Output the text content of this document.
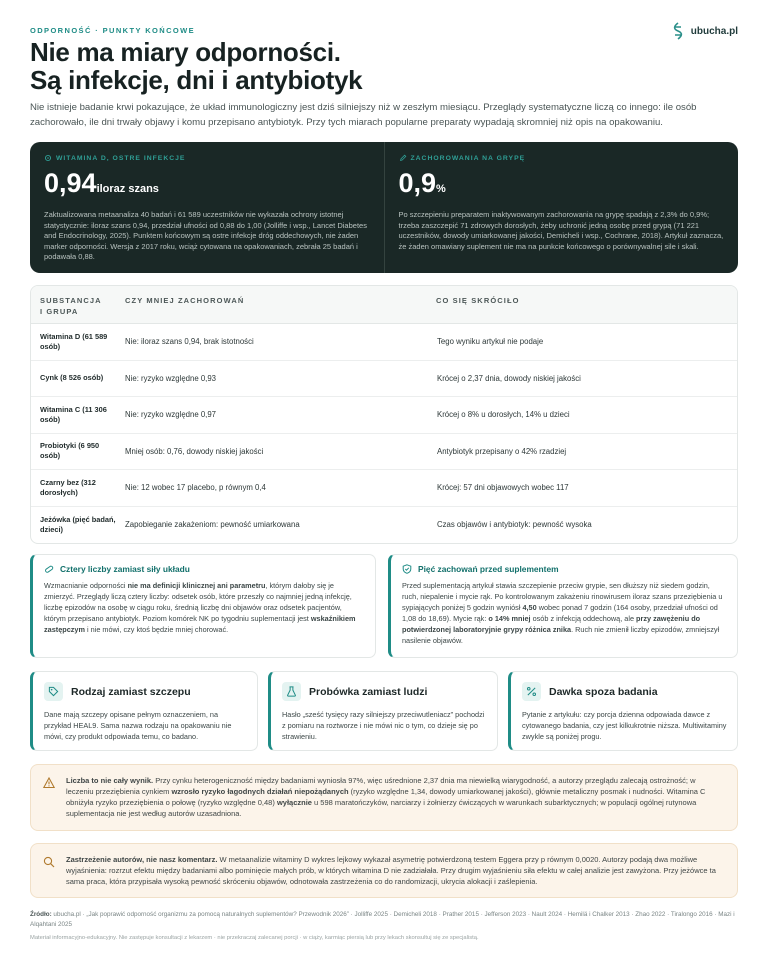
ODPORNOŚĆ · PUNKTY KOŃCOWE	ubucha.pl
Nie ma miary odporności.
Są infekcje, dni i antybiotyk

Nie istnieje badanie krwi pokazujące, że układ immunologiczny jest dziś silniejszy niż w zeszłym miesiącu. Przeglądy systematyczne liczą co innego: ile osób zachorowało, ile dni trwały objawy i komu przepisano antybiotyk. Przy tych miarach popularne preparaty wypadają skromniej niż opis na opakowaniu.

WITAMINA D, OSTRE INFEKCJE
0,94iloraz szans

Zaktualizowana metaanaliza 40 badań i 61 589 uczestników nie wykazała ochrony istotnej statystycznie: iloraz szans 0,94, przedział ufności od 0,88 do 1,00 (Jolliffe i wsp., Lancet Diabetes and Endocrinology, 2025). Punktem końcowym są ostre infekcje dróg oddechowych, nie żaden marker odporności. Wersja z 2017 roku, wciąż cytowana na opakowaniach, zebrała 25 badań i podawała 0,88.

ZACHOROWANIA NA GRYPĘ
0,9%

Po szczepieniu preparatem inaktywowanym zachorowania na grypę spadają z 2,3% do 0,9%; trzeba zaszczepić 71 zdrowych dorosłych, żeby uchronić jedną osobę przed grypą (71 221 uczestników, dowody umiarkowanej jakości, Demicheli i wsp., Cochrane, 2018). Artykuł zaznacza, że żaden omawiany suplement nie ma na punkcie końcowego o porównywalnej sile i skali.

SUBSTANCJA I GRUPA
CZY MNIEJ ZACHOROWAŃ	CO SIĘ SKRÓCIŁO
Witamina D (61 589 osób)	Nie: iloraz szans 0,94, brak istotności	Tego wyniku artykuł nie podaje
Cynk (8 526 osób)	Nie: ryzyko względne 0,93	Krócej o 2,37 dnia, dowody niskiej jakości
Witamina C (11 306 osób)	Nie: ryzyko względne 0,97	Krócej o 8% u dorosłych, 14% u dzieci
Probiotyki (6 950 osób)	Mniej osób: 0,76, dowody niskiej jakości	Antybiotyk przepisany o 42% rzadziej
Czarny bez (312 dorosłych)	Nie: 12 wobec 17 placebo, p równym 0,4	Krócej: 57 dni objawowych wobec 117
Jeżówka (pięć badań, dzieci)	Zapobieganie zakażeniom: pewność umiarkowana	Czas objawów i antybiotyk: pewność wysoka
Cztery liczby zamiast siły układu

Wzmacnianie odporności nie ma definicji klinicznej ani parametru, którym dałoby się je zmierzyć. Przeglądy liczą cztery liczby: odsetek osób, które przeszły co najmniej jedną infekcję, liczbę epizodów na osobę w ciągu roku, średnią liczbę dni objawów oraz odsetek pacjentów, którym przepisano antybiotyk. Poziom komórek NK po tygodniu suplementacji jest wskaźnikiem zastępczym i nie mówi, czy ktoś będzie mniej chorować.

Pięć zachowań przed suplementem

Przed suplementacją artykuł stawia szczepienie przeciw grypie, sen dłuższy niż siedem godzin, ruch, niepalenie i mycie rąk. Po kontrolowanym zakażeniu rinowirusem iloraz szans przeziębienia u sypiających poniżej 5 godzin wyniósł 4,50 wobec ponad 7 godzin (164 osoby, przedział ufności od 1,08 do 18,69). Mycie rąk: o 14% mniej osób z infekcją oddechową, ale przy zawężeniu do potwierdzonej laboratoryjnie grypy różnica znika. Ruch nie zmienił liczby epizodów, zmniejszył nasilenie objawów.

Rodzaj zamiast szczepu

Dane mają szczepy opisane pełnym oznaczeniem, na przykład HEAL9. Sama nazwa rodzaju na opakowaniu nie mówi, czy produkt odpowiada temu, co badano.

Probówka zamiast ludzi

Hasło „sześć tysięcy razy silniejszy przeciwutleniacz” pochodzi z pomiaru na roztworze i nie mówi nic o tym, co dzieje się po strawieniu.

Dawka spoza badania

Pytanie z artykułu: czy porcja dzienna odpowiada dawce z cytowanego badania, czy jest kilkukrotnie niższa. Multiwitaminy zwykle są poniżej progu.

Liczba to nie cały wynik. Przy cynku heterogeniczność między badaniami wyniosła 97%, więc uśrednione 2,37 dnia ma niewielką wiarygodność, a autorzy przeglądu zalecają ostrożność; w leczeniu przeziębienia cynkiem wzrosło ryzyko łagodnych działań niepożądanych (ryzyko względne 1,34, dowody umiarkowanej jakości), głównie metaliczny posmak i nudności. Witamina C obniżyła ryzyko przeziębienia o połowę (ryzyko względne 0,48) wyłącznie u 598 maratończyków, narciarzy i żołnierzy ćwiczących w warunkach subarktycznych; w populacji ogólnej rutynowa suplementacja nie jest według autorów uzasadniona.

Zastrzeżenie autorów, nie nasz komentarz. W metaanalizie witaminy D wykres lejkowy wykazał asymetrię potwierdzoną testem Eggera przy p równym 0,0020. Autorzy podają dwa możliwe wyjaśnienia: rozrzut efektu między badaniami albo pominięcie małych prób, w których witamina D nie zadziałała. Przy drugim wyjaśnieniu siła efektu w całej analizie jest zawyżona. Przy jeżówce ta sama praca, która przypisała wysoką pewność skróceniu objawów, odnotowała zastrzeżenia co do randomizacji, ukrycia alokacji i zaślepienia.

Źródło: ubucha.pl · „Jak poprawić odporność organizmu za pomocą naturalnych suplementów? Przewodnik 2026” · Jolliffe 2025 · Demicheli 2018 · Prather 2015 · Jefferson 2023 · Nault 2024 · Hemilä i Chalker 2013 · Zhao 2022 · Tiralongo 2016 · Mazi i Alqahtani 2025

Materiał informacyjno-edukacyjny. Nie zastępuje konsultacji z lekarzem · nie przekraczaj zalecanej porcji · w ciąży, karmiąc piersią lub przy lekach skonsultuj się ze specjalistą.
